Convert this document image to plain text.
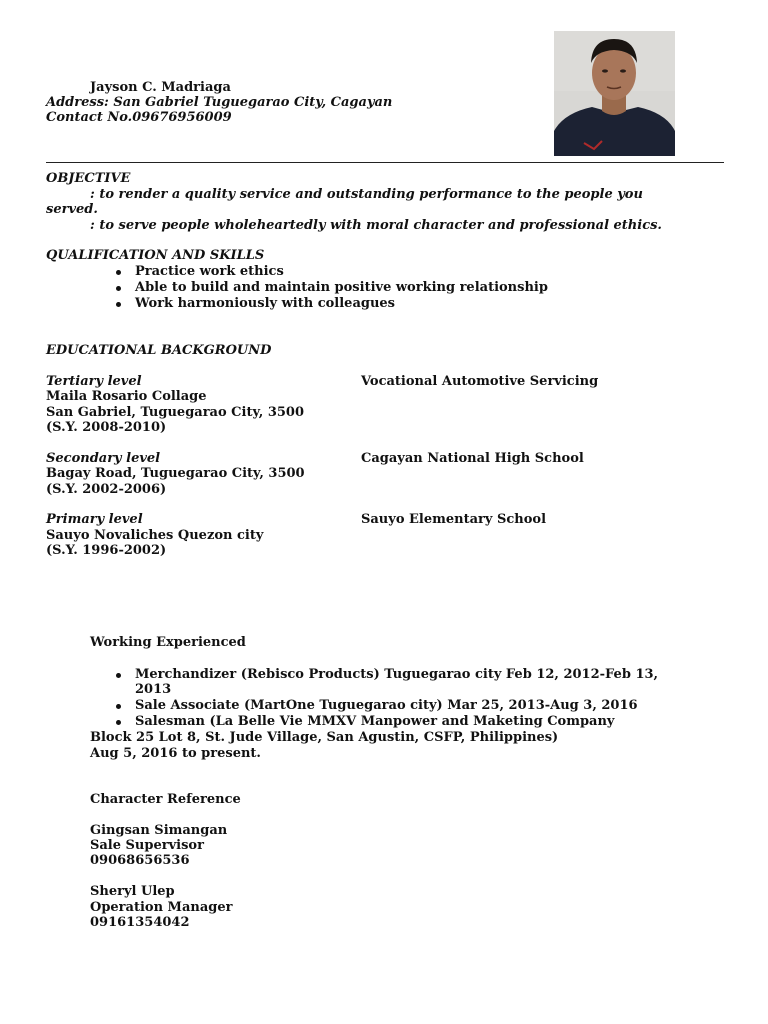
Jayson C. Madriaga
Address: San Gabriel Tuguegarao City, Cagayan
Contact No.09676956009
OBJECTIVE
: to render a quality service and outstanding performance to the people you
served.
: to serve people wholeheartedly with moral character and professional ethics.
QUALIFICATION AND SKILLS
Practice work ethics
Able to build and maintain positive working relationship
Work harmoniously with colleagues
EDUCATIONAL BACKGROUND
Tertiary level	Vocational Automotive Servicing
Maila Rosario Collage
San Gabriel, Tuguegarao City, 3500
(S.Y. 2008-2010)
Secondary level	Cagayan National High School
Bagay Road, Tuguegarao City, 3500
(S.Y. 2002-2006)
Primary level	Sauyo Elementary School
Sauyo Novaliches Quezon city
(S.Y. 1996-2002)
Working Experienced
Merchandizer (Rebisco Products) Tuguegarao city Feb 12, 2012-Feb 13,
2013
Sale Associate (MartOne Tuguegarao city) Mar 25, 2013-Aug 3, 2016
Salesman (La Belle Vie MMXV Manpower and Maketing Company
Block 25 Lot 8, St. Jude Village, San Agustin, CSFP, Philippines)
Aug 5, 2016 to present.
Character Reference
Gingsan Simangan
Sale Supervisor
09068656536
Sheryl Ulep
Operation Manager
09161354042
